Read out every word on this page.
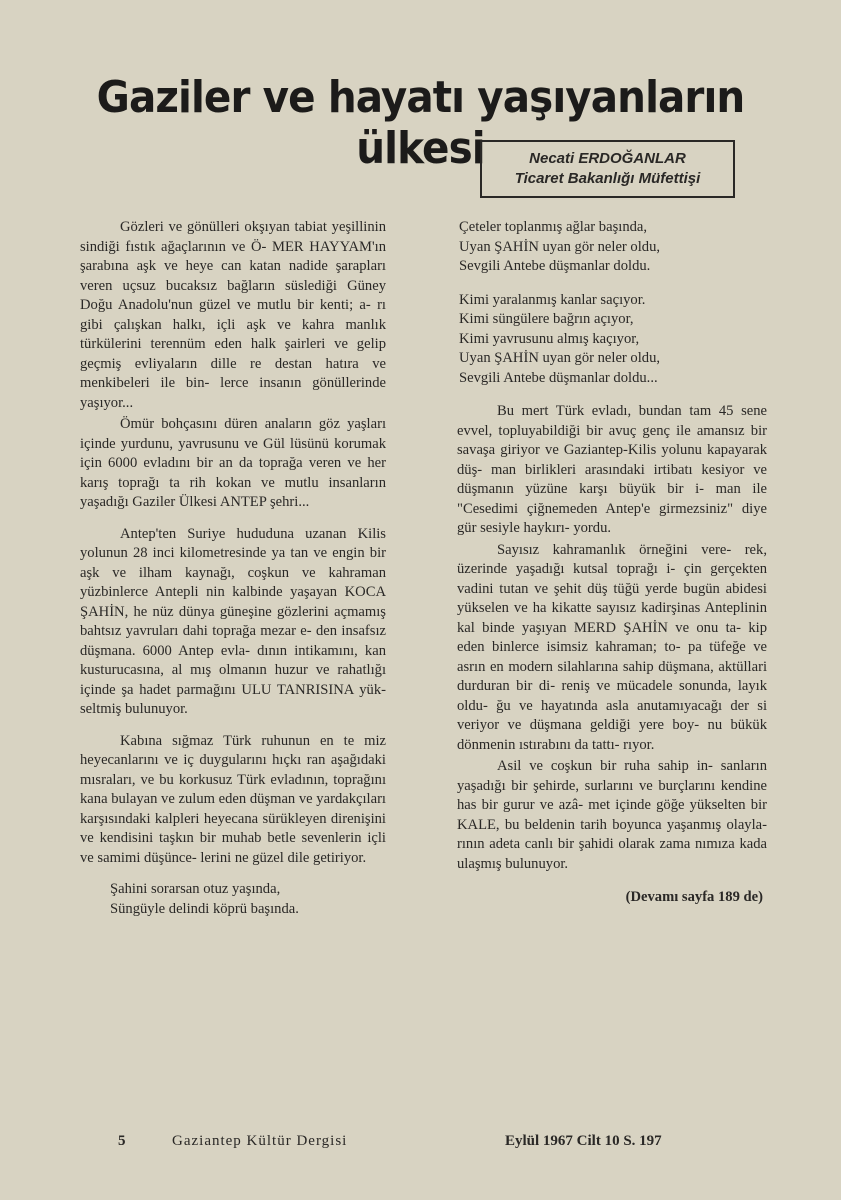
Gaziler ve hayatı yaşıyanların ülkesi	Necati ERDOĞANLAR
Ticaret Bakanlığı Müfettişi

Gözleri ve gönülleri okşıyan tabiat yeşillinin sindiği fıstık ağaçlarının ve Ö- MER HAYYAM'ın şarabına aşk ve heye can katan nadide şarapları veren uçsuz bucaksız bağların süslediği Güney Doğu Anadolu'nun güzel ve mutlu bir kenti; a- rı gibi çalışkan halkı, içli aşk ve kahra manlık türkülerini terennüm eden halk şairleri ve gelip geçmiş evliyaların dille re destan hatıra ve menkibeleri ile bin- lerce insanın gönüllerinde yaşıyor...

Ömür bohçasını düren anaların göz yaşları içinde yurdunu, yavrusunu ve Gül lüsünü korumak için 6000 evladını bir an da toprağa veren ve her karış toprağı ta rih kokan ve mutlu insanların yaşadığı Gaziler Ülkesi ANTEP şehri...

Antep'ten Suriye hududuna uzanan Kilis yolunun 28 inci kilometresinde ya tan ve engin bir aşk ve ilham kaynağı, coşkun ve kahraman yüzbinlerce Antepli nin kalbinde yaşayan KOCA ŞAHİN, he nüz dünya güneşine gözlerini açmamış bahtsız yavruları dahi toprağa mezar e- den insafsız düşmana. 6000 Antep evla- dının intikamını, kan kusturucasına, al mış olmanın huzur ve rahatlığı içinde şa hadet parmağını ULU TANRISINA yük- seltmiş bulunuyor.

Kabına sığmaz Türk ruhunun en te miz heyecanlarını ve iç duygularını hıçkı ran aşağıdaki mısraları, ve bu korkusuz Türk evladının, toprağını kana bulayan ve zulum eden düşman ve yardakçıları karşısındaki kalpleri heyecana sürükleyen direnişini ve kendisini taşkın bir muhab betle sevenlerin içli ve samimi düşünce- lerini ne güzel dile getiriyor.

Şahini sorarsan otuz yaşında,
Süngüyle delindi köprü başında.
Çeteler toplanmış ağlar başında,
Uyan ŞAHİN uyan gör neler oldu,
Sevgili Antebe düşmanlar doldu.
Kimi yaralanmış kanlar saçıyor.
Kimi süngülere bağrın açıyor,
Kimi yavrusunu almış kaçıyor,
Uyan ŞAHİN uyan gör neler oldu,
Sevgili Antebe düşmanlar doldu...

Bu mert Türk evladı, bundan tam 45 sene evvel, topluyabildiği bir avuç genç ile amansız bir savaşa giriyor ve Gaziantep-Kilis yolunu kapayarak düş- man birlikleri arasındaki irtibatı kesiyor ve düşmanın yüzüne karşı büyük bir i- man ile "Cesedimi çiğnemeden Antep'e girmezsiniz" diye gür sesiyle haykırı- yordu.

Sayısız kahramanlık örneğini vere- rek, üzerinde yaşadığı kutsal toprağı i- çin gerçekten vadini tutan ve şehit düş tüğü yerde bugün abidesi yükselen ve ha kikatte sayısız kadirşinas Anteplinin kal binde yaşıyan MERD ŞAHİN ve onu ta- kip eden binlerce isimsiz kahraman; to- pa tüfeğe ve asrın en modern silahlarına sahip düşmana, aktüllari durduran bir di- reniş ve mücadele sonunda, layık oldu- ğu ve hayatında asla anutamıyacağı der si veriyor ve düşmana geldiği yere boy- nu bükük dönmenin ıstırabını da tattı- rıyor.

Asil ve coşkun bir ruha sahip in- sanların yaşadığı bir şehirde, surlarını ve burçlarını kendine has bir gurur ve azâ- met içinde göğe yükselten bir KALE, bu beldenin tarih boyunca yaşanmış olayla- rının adeta canlı bir şahidi olarak zama nımıza kada ulaşmış bulunuyor.

(Devamı sayfa 189 de)
5	Gaziantep Kültür Dergisi	Eylül 1967 Cilt 10 S. 197
